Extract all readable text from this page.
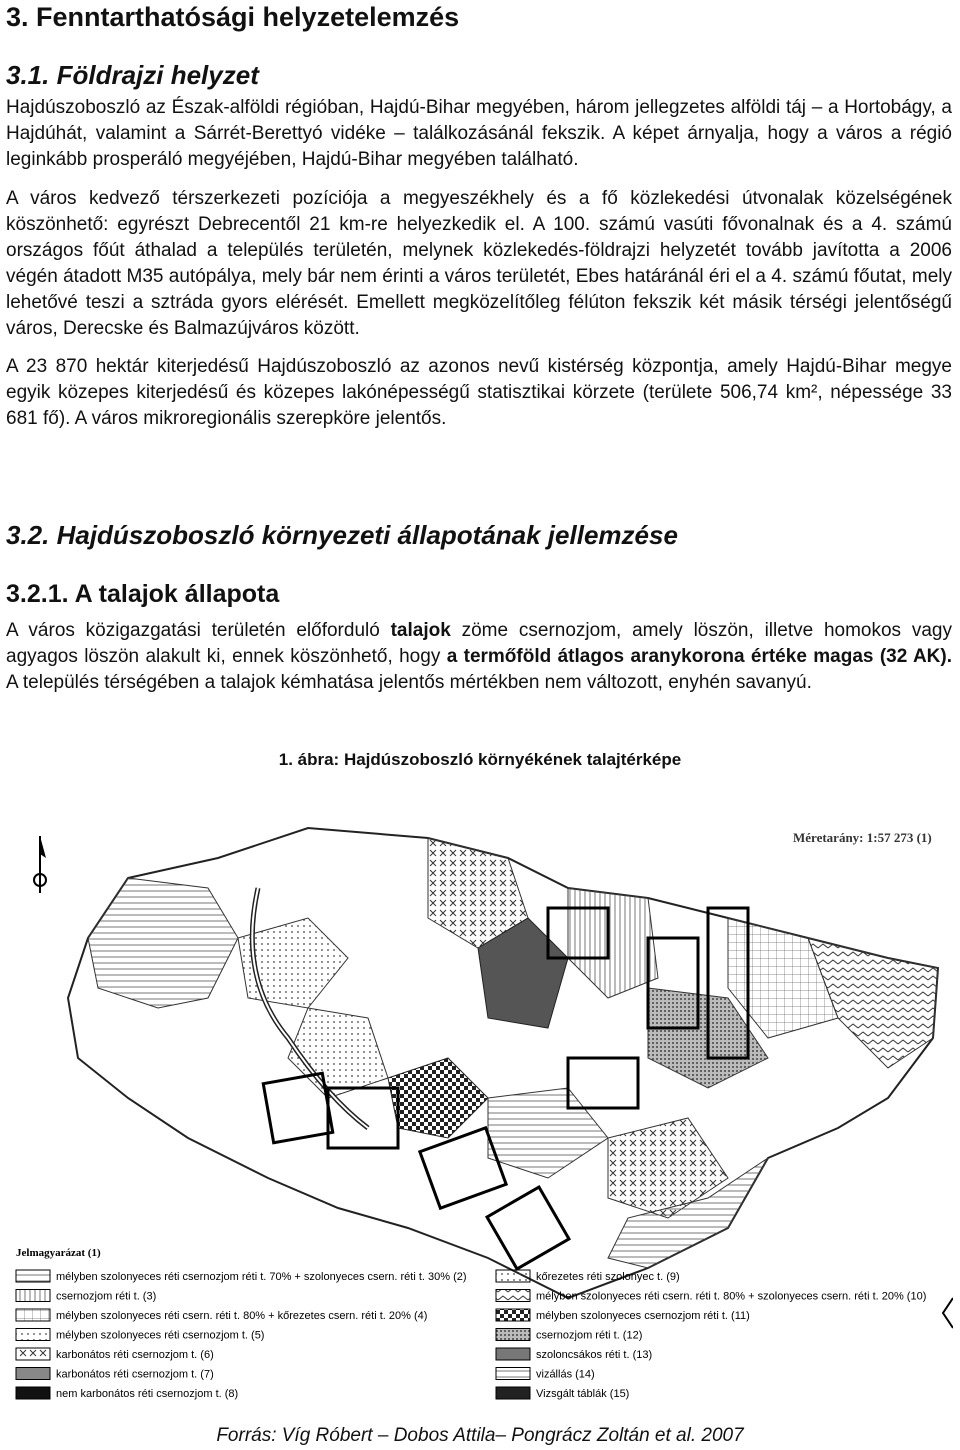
3. Fenntarthatósági helyzetelemzés
3.1. Földrajzi helyzet

Hajdúszoboszló az Észak-alföldi régióban, Hajdú-Bihar megyében, három jellegzetes alföldi táj – a Hortobágy, a Hajdúhát, valamint a Sárrét-Berettyó vidéke – találkozásánál fekszik. A képet árnyalja, hogy a város a régió leginkább prosperáló megyéjében, Hajdú-Bihar megyében található.

A város kedvező térszerkezeti pozíciója a megyeszékhely és a fő közlekedési útvonalak közelségének köszönhető: egyrészt Debrecentől 21 km-re helyezkedik el. A 100. számú vasúti fővonalnak és a 4. számú országos főút áthalad a település területén, melynek közlekedés-földrajzi helyzetét tovább javította a 2006 végén átadott M35 autópálya, mely bár nem érinti a város területét, Ebes határánál éri el a 4. számú főutat, mely lehetővé teszi a sztráda gyors elérését. Emellett megközelítőleg félúton fekszik két másik térségi jelentőségű város, Derecske és Balmazújváros között.

A 23 870 hektár kiterjedésű Hajdúszoboszló az azonos nevű kistérség központja, amely Hajdú-Bihar megye egyik közepes kiterjedésű és közepes lakónépességű statisztikai körzete (területe 506,74 km², népessége 33 681 fő). A város mikroregionális szerepköre jelentős.

3.2. Hajdúszoboszló környezeti állapotának jellemzése
3.2.1. A talajok állapota

A város közigazgatási területén előforduló talajok zöme csernozjom, amely löszön, illetve homokos vagy agyagos löszön alakult ki, ennek köszönhető, hogy a termőföld átlagos aranykorona értéke magas (32 AK). A település térségében a talajok kémhatása jelentős mértékben nem változott, enyhén savanyú.

1. ábra: Hajdúszoboszló környékének talajtérképe
Méretarány: 1:57 273 (1)
Jelmagyarázat (1)
mélyben szolonyeces réti csernozjom réti t. 70% + szolonyeces csern. réti t. 30% (2)
csernozjom réti t. (3)
mélyben szolonyeces réti csern. réti t. 80% + kőrezetes csern. réti t. 20% (4)
mélyben szolonyeces réti csernozjom t. (5)
karbonátos réti csernozjom t. (6)
karbonátos réti csernozjom t. (7)
nem karbonátos réti csernozjom t. (8)
kőrezetes réti szolonyec t. (9)
mélyben szolonyeces réti csern. réti t. 80% + szolonyeces csern. réti t. 20% (10)
mélyben szolonyeces csernozjom réti t. (11)
csernozjom réti t. (12)
szoloncsákos réti t. (13)
vizállás (14)
Vizsgált táblák (15)
Forrás: Víg Róbert – Dobos Attila– Pongrácz Zoltán et al. 2007
